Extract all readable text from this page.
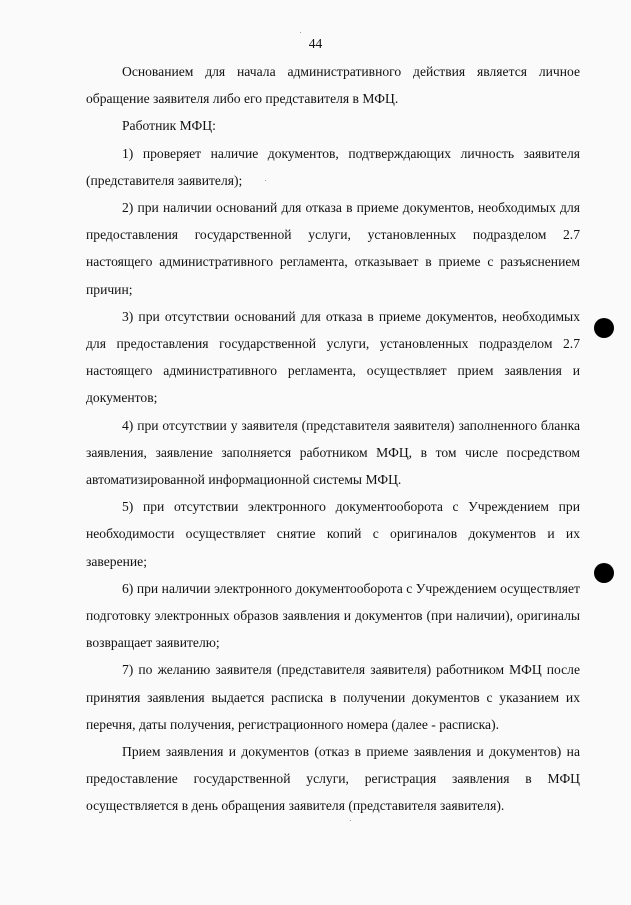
44

Основанием для начала административного действия является личное обращение заявителя либо его представителя в МФЦ.

Работник МФЦ:

1) проверяет наличие документов, подтверждающих личность заявителя (представителя заявителя);

2) при наличии оснований для отказа в приеме документов, необходимых для предоставления государственной услуги, установленных подразделом 2.7 настоящего административного регламента, отказывает в приеме с разъяснением причин;

3) при отсутствии оснований для отказа в приеме документов, необходимых для предоставления государственной услуги, установленных подразделом 2.7 настоящего административного регламента, осуществляет прием заявления и документов;

4) при отсутствии у заявителя (представителя заявителя) заполненного бланка заявления, заявление заполняется работником МФЦ, в том числе посредством автоматизированной информационной системы МФЦ.

5) при отсутствии электронного документооборота с Учреждением при необходимости осуществляет снятие копий с оригиналов документов и их заверение;

6) при наличии электронного документооборота с Учреждением осуществляет подготовку электронных образов заявления и документов (при наличии), оригиналы возвращает заявителю;

7) по желанию заявителя (представителя заявителя) работником МФЦ после принятия заявления выдается расписка в получении документов с указанием их перечня, даты получения, регистрационного номера (далее - расписка).

Прием заявления и документов (отказ в приеме заявления и документов) на предоставление государственной услуги, регистрация заявления в МФЦ осуществляется в день обращения заявителя (представителя заявителя).
